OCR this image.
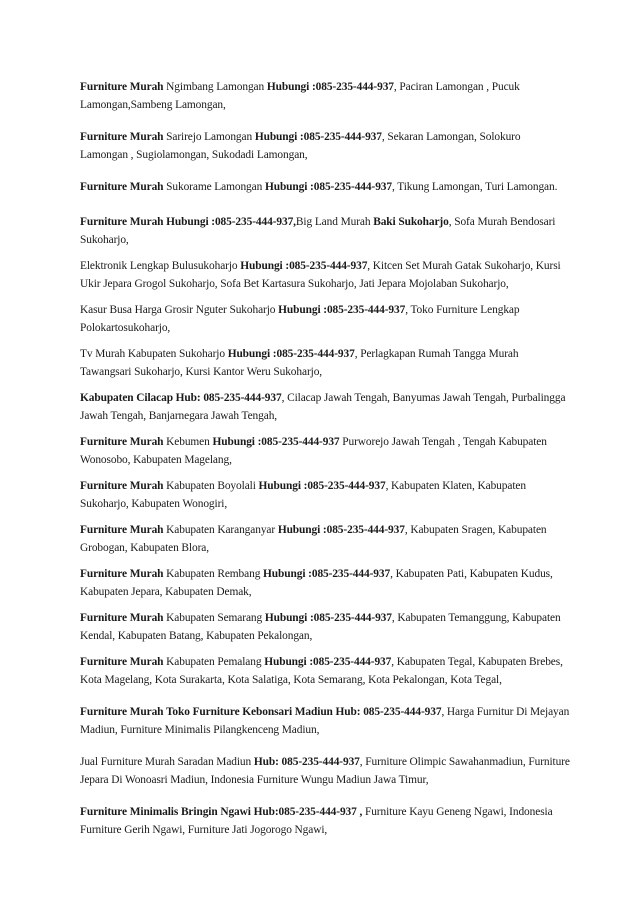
Furniture Murah Ngimbang Lamongan Hubungi :085-235-444-937, Paciran Lamongan , Pucuk Lamongan,Sambeng Lamongan,

Furniture Murah Sarirejo Lamongan Hubungi :085-235-444-937, Sekaran Lamongan, Solokuro Lamongan , Sugiolamongan, Sukodadi Lamongan,

Furniture Murah Sukorame Lamongan Hubungi :085-235-444-937, Tikung Lamongan, Turi Lamongan.

Furniture Murah Hubungi :085-235-444-937,Big Land Murah Baki Sukoharjo, Sofa Murah Bendosari Sukoharjo,

Elektronik Lengkap Bulusukoharjo Hubungi :085-235-444-937, Kitcen Set Murah Gatak Sukoharjo, Kursi Ukir Jepara Grogol Sukoharjo, Sofa Bet Kartasura Sukoharjo, Jati Jepara Mojolaban Sukoharjo,

Kasur Busa Harga Grosir Nguter Sukoharjo Hubungi :085-235-444-937, Toko Furniture Lengkap Polokartosukoharjo,

Tv Murah Kabupaten Sukoharjo Hubungi :085-235-444-937, Perlagkapan Rumah Tangga Murah Tawangsari Sukoharjo, Kursi Kantor Weru Sukoharjo,

Kabupaten Cilacap Hub: 085-235-444-937, Cilacap Jawah Tengah, Banyumas Jawah Tengah, Purbalingga Jawah Tengah, Banjarnegara Jawah Tengah,

Furniture Murah Kebumen Hubungi :085-235-444-937 Purworejo Jawah Tengah , Tengah Kabupaten Wonosobo, Kabupaten Magelang,

Furniture Murah Kabupaten Boyolali Hubungi :085-235-444-937, Kabupaten Klaten, Kabupaten Sukoharjo, Kabupaten Wonogiri,

Furniture Murah Kabupaten Karanganyar Hubungi :085-235-444-937, Kabupaten Sragen, Kabupaten Grobogan, Kabupaten Blora,

Furniture Murah Kabupaten Rembang Hubungi :085-235-444-937, Kabupaten Pati, Kabupaten Kudus, Kabupaten Jepara, Kabupaten Demak,

Furniture Murah Kabupaten Semarang Hubungi :085-235-444-937, Kabupaten Temanggung, Kabupaten Kendal, Kabupaten Batang, Kabupaten Pekalongan,

Furniture Murah Kabupaten Pemalang Hubungi :085-235-444-937, Kabupaten Tegal, Kabupaten Brebes, Kota Magelang, Kota Surakarta, Kota Salatiga, Kota Semarang, Kota Pekalongan, Kota Tegal,

Furniture Murah Toko Furniture Kebonsari Madiun Hub: 085-235-444-937, Harga Furnitur Di Mejayan Madiun, Furniture Minimalis Pilangkenceng Madiun,

Jual Furniture Murah Saradan Madiun Hub: 085-235-444-937, Furniture Olimpic Sawahanmadiun, Furniture Jepara Di Wonoasri Madiun, Indonesia Furniture Wungu Madiun Jawa Timur,

Furniture Minimalis Bringin Ngawi Hub:085-235-444-937 , Furniture Kayu Geneng Ngawi, Indonesia Furniture Gerih Ngawi, Furniture Jati Jogorogo Ngawi,
